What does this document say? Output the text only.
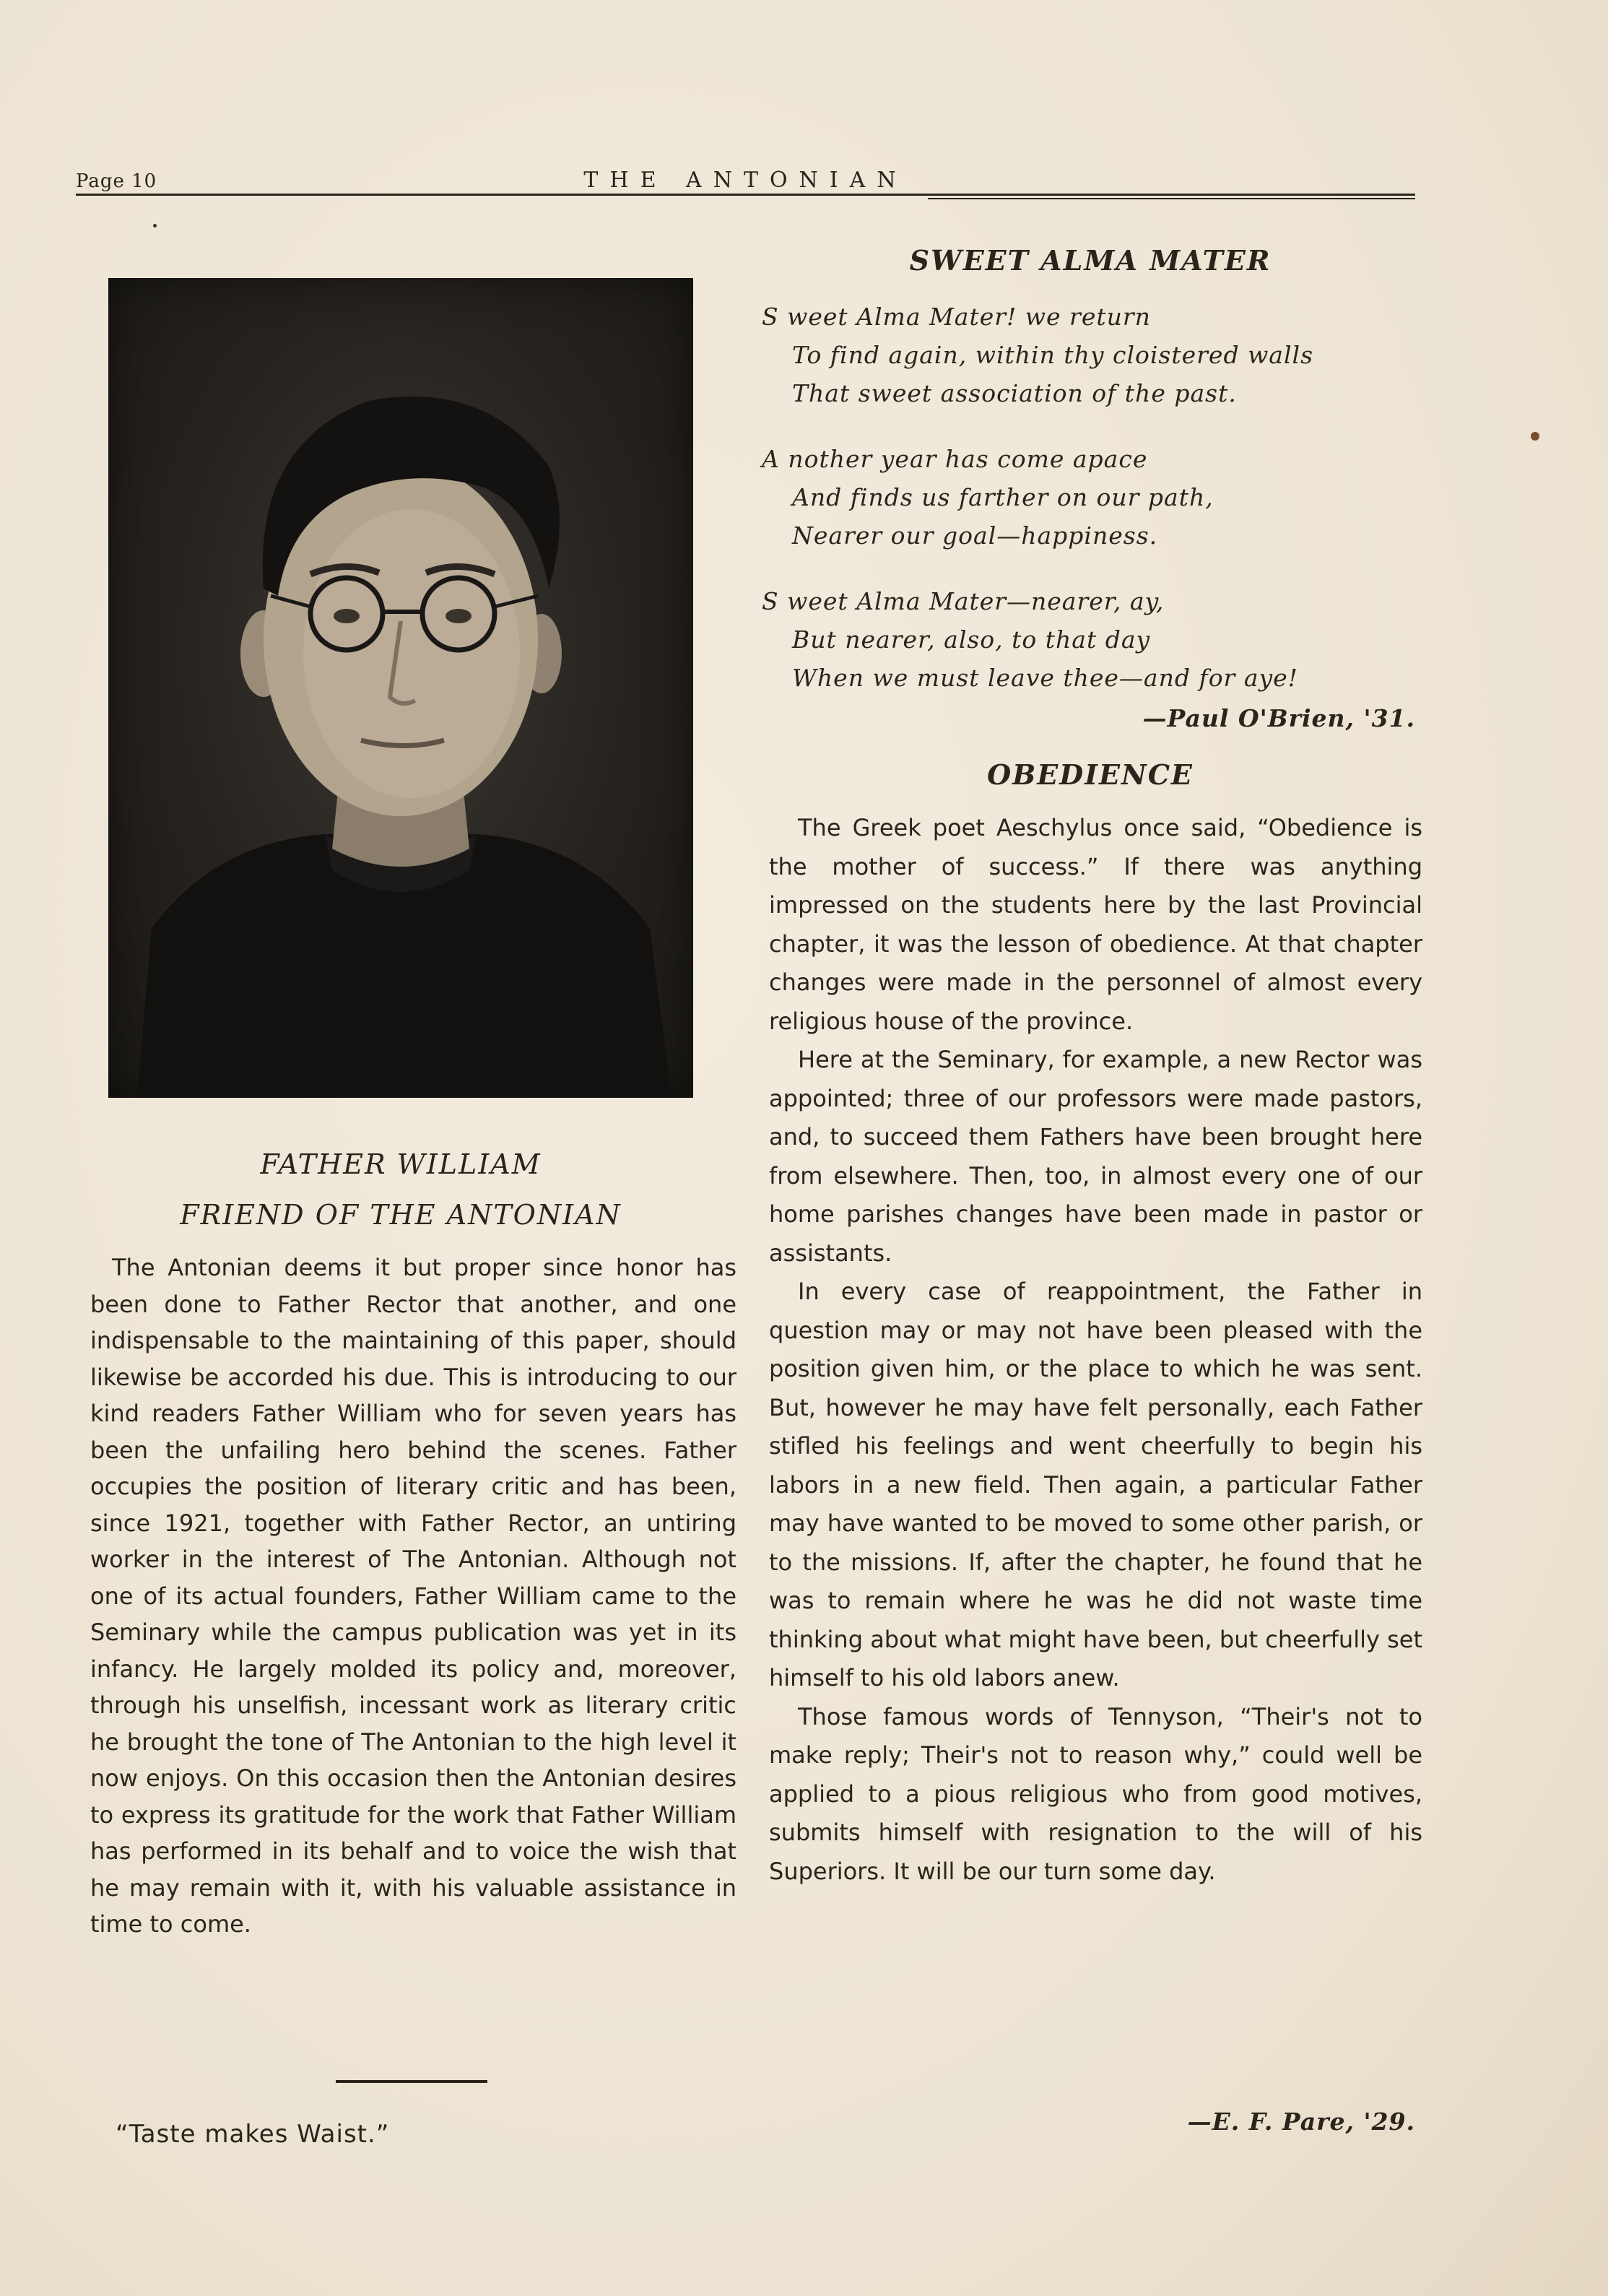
Page 10	THE ANTONIAN
FATHER WILLIAM
FRIEND OF THE ANTONIAN
The Antonian deems it but proper since honor has been done to Father Rector that another, and one indispensable to the maintaining of this paper, should likewise be accorded his due. This is introducing to our kind readers Father William who for seven years has been the unfailing hero behind the scenes. Father occupies the position of literary critic and has been, since 1921, together with Father Rector, an untiring worker in the interest of The Antonian. Although not one of its actual founders, Father William came to the Seminary while the campus publication was yet in its infancy. He largely molded its policy and, moreover, through his unselfish, incessant work as literary critic he brought the tone of The Antonian to the high level it now enjoys. On this occasion then the Antonian desires to express its gratitude for the work that Father William has performed in its behalf and to voice the wish that he may remain with it, with his valuable assistance in time to come.
“Taste makes Waist.”
SWEET ALMA MATER
S weet Alma Mater! we return
To find again, within thy cloistered walls
That sweet association of the past.
A nother year has come apace
And finds us farther on our path,
Nearer our goal—happiness.
S weet Alma Mater—nearer, ay,
But nearer, also, to that day
When we must leave thee—and for aye!
—Paul O'Brien, '31.
OBEDIENCE

The Greek poet Aeschylus once said, “Obedience is the mother of success.” If there was anything impressed on the students here by the last Provincial chapter, it was the lesson of obedience. At that chapter changes were made in the personnel of almost every religious house of the province.

Here at the Seminary, for example, a new Rector was appointed; three of our professors were made pastors, and, to succeed them Fathers have been brought here from elsewhere. Then, too, in almost every one of our home parishes changes have been made in pastor or assistants.

In every case of reappointment, the Father in question may or may not have been pleased with the position given him, or the place to which he was sent. But, however he may have felt personally, each Father stifled his feelings and went cheerfully to begin his labors in a new field. Then again, a particular Father may have wanted to be moved to some other parish, or to the missions. If, after the chapter, he found that he was to remain where he was he did not waste time thinking about what might have been, but cheerfully set himself to his old labors anew.

Those famous words of Tennyson, “Their's not to make reply; Their's not to reason why,” could well be applied to a pious religious who from good motives, submits himself with resignation to the will of his Superiors. It will be our turn some day.

—E. F. Pare, '29.
